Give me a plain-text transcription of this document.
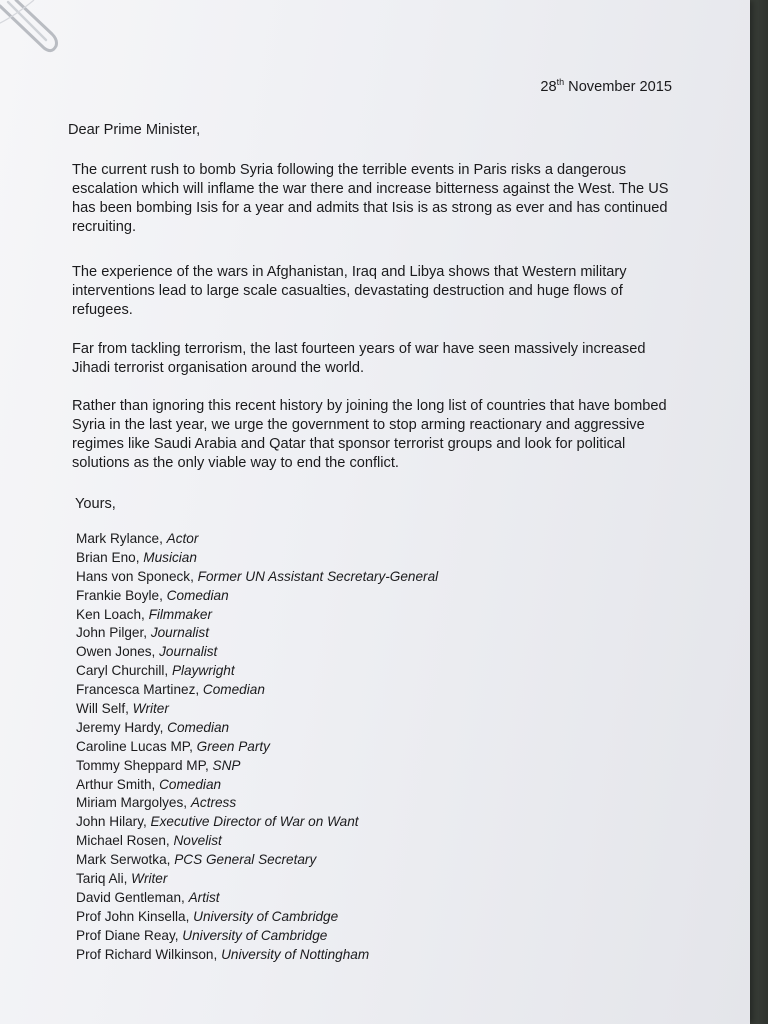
28th November 2015
Dear Prime Minister,
The current rush to bomb Syria following the terrible events in Paris risks a dangerous escalation which will inflame the war there and increase bitterness against the West. The US has been bombing Isis for a year and admits that Isis is as strong as ever and has continued recruiting.
The experience of the wars in Afghanistan, Iraq and Libya shows that Western military interventions lead to large scale casualties, devastating destruction and huge flows of refugees.
Far from tackling terrorism, the last fourteen years of war have seen massively increased Jihadi terrorist organisation around the world.
Rather than ignoring this recent history by joining the long list of countries that have bombed Syria in the last year, we urge the government to stop arming reactionary and aggressive regimes like Saudi Arabia and Qatar that sponsor terrorist groups and look for political solutions as the only viable way to end the conflict.
Yours,
Mark Rylance, Actor
Brian Eno, Musician
Hans von Sponeck, Former UN Assistant Secretary-General
Frankie Boyle, Comedian
Ken Loach, Filmmaker
John Pilger, Journalist
Owen Jones, Journalist
Caryl Churchill, Playwright
Francesca Martinez, Comedian
Will Self, Writer
Jeremy Hardy, Comedian
Caroline Lucas MP, Green Party
Tommy Sheppard MP, SNP
Arthur Smith, Comedian
Miriam Margolyes, Actress
John Hilary, Executive Director of War on Want
Michael Rosen, Novelist
Mark Serwotka, PCS General Secretary
Tariq Ali, Writer
David Gentleman, Artist
Prof John Kinsella, University of Cambridge
Prof Diane Reay, University of Cambridge
Prof Richard Wilkinson, University of Nottingham
